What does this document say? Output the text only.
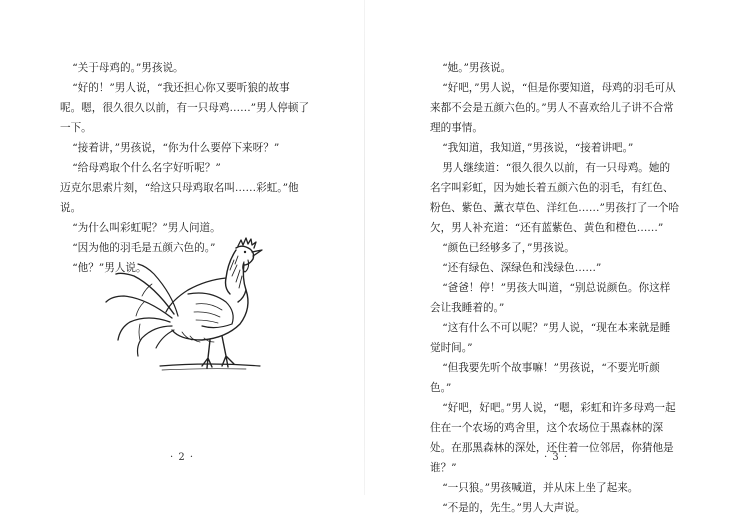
“关于母鸡的。”男孩说。

“好的！”男人说，“我还担心你又要听狼的故事呢。嗯，很久很久以前，有一只母鸡……”男人停顿了一下。

“接着讲，”男孩说，“你为什么要停下来呀？”

“给母鸡取个什么名字好听呢？”

迈克尔思索片刻，“给这只母鸡取名叫……彩虹。”他说。

“为什么叫彩虹呢？”男人问道。

“因为他的羽毛是五颜六色的。”

“他？”男人说。

· 2 ·

“她。”男孩说。

“好吧，”男人说，“但是你要知道，母鸡的羽毛可从来都不会是五颜六色的。”男人不喜欢给儿子讲不合常理的事情。

“我知道，我知道，”男孩说，“接着讲吧。”

男人继续道：“很久很久以前，有一只母鸡。她的名字叫彩虹，因为她长着五颜六色的羽毛，有红色、粉色、紫色、薰衣草色、洋红色……”男孩打了一个哈欠，男人补充道：“还有蓝紫色、黄色和橙色……”

“颜色已经够多了，”男孩说。

“还有绿色、深绿色和浅绿色……”

“爸爸！停！”男孩大叫道，“别总说颜色。你这样会让我睡着的。”

“这有什么不可以呢？”男人说，“现在本来就是睡觉时间。”

“但我要先听个故事嘛！”男孩说，“不要光听颜色。”

“好吧，好吧。”男人说，“嗯，彩虹和许多母鸡一起住在一个农场的鸡舍里，这个农场位于黑森林的深处。在那黑森林的深处，还住着一位邻居，你猜他是谁？”

“一只狼。”男孩喊道，并从床上坐了起来。

“不是的，先生。”男人大声说。

· 3 ·
